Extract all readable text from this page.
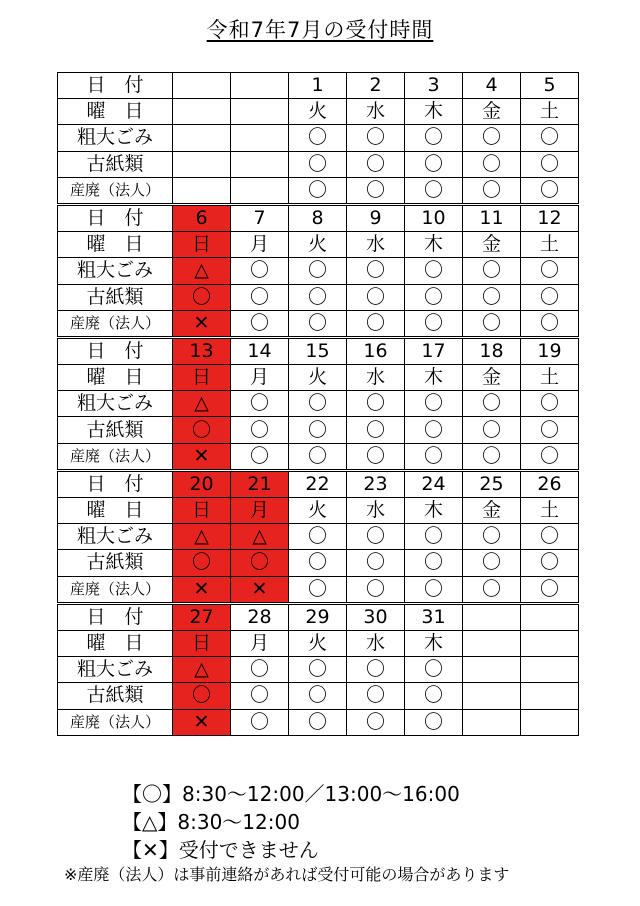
令和7年7月の受付時間
日　付			1	2	3	4	5
曜　日			火	水	木	金	土
粗大ごみ			〇	〇	〇	〇	〇
古紙類			〇	〇	〇	〇	〇
産廃（法人）			〇	〇	〇	〇	〇
日　付	6	7	8	9	10	11	12
曜　日	日	月	火	水	木	金	土
粗大ごみ	△	〇	〇	〇	〇	〇	〇
古紙類	〇	〇	〇	〇	〇	〇	〇
産廃（法人）	✕	〇	〇	〇	〇	〇	〇
日　付	13	14	15	16	17	18	19
曜　日	日	月	火	水	木	金	土
粗大ごみ	△	〇	〇	〇	〇	〇	〇
古紙類	〇	〇	〇	〇	〇	〇	〇
産廃（法人）	✕	〇	〇	〇	〇	〇	〇
日　付	20	21	22	23	24	25	26
曜　日	日	月	火	水	木	金	土
粗大ごみ	△	△	〇	〇	〇	〇	〇
古紙類	〇	〇	〇	〇	〇	〇	〇
産廃（法人）	✕	✕	〇	〇	〇	〇	〇
日　付	27	28	29	30	31		
曜　日	日	月	火	水	木		
粗大ごみ	△	〇	〇	〇	〇		
古紙類	〇	〇	〇	〇	〇		
産廃（法人）	✕	〇	〇	〇	〇		
【〇】8:30〜12:00／13:00〜16:00
【△】8:30〜12:00
【✕】受付できません
※産廃（法人）は事前連絡があれば受付可能の場合があります
